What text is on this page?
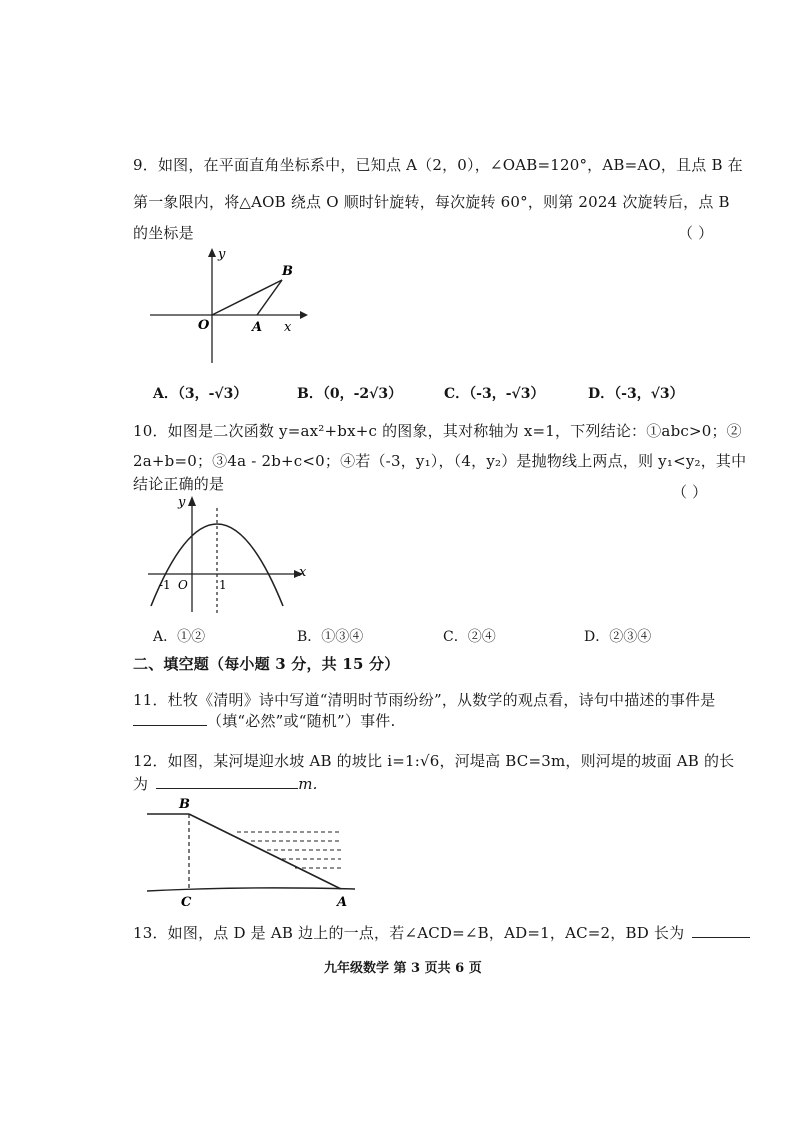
9．如图，在平面直角坐标系中，已知点 A（2，0），∠OAB=120°，AB=AO，且点 B 在
第一象限内，将△AOB 绕点 O 顺时针旋转，每次旋转 60°，则第 2024 次旋转后，点 B
的坐标是	（ ）
y
x
O	A
B
A．（3，-√3）	B．（0，-2√3）	C．（-3，-√3）	D．（-3，√3）
10．如图是二次函数 y=ax²+bx+c 的图象，其对称轴为 x=1，下列结论：①abc>0；②
2a+b=0；③4a - 2b+c<0；④若（-3，y₁），（4，y₂）是抛物线上两点，则 y₁<y₂，其中
结论正确的是	（ ）
y
x
-1 O	1
A．①②	B．①③④	C．②④	D．②③④
二、填空题（每小题 3 分，共 15 分）
11．杜牧《清明》诗中写道“清明时节雨纷纷”，从数学的观点看，诗句中描述的事件是
（填“必然”或“随机”）事件.
12．如图，某河堤迎水坡 AB 的坡比 i=1:√6，河堤高 BC=3m，则河堤的坡面 AB 的长
为	m.
B
C	A
13．如图，点 D 是 AB 边上的一点，若∠ACD=∠B，AD=1，AC=2，BD 长为
九年级数学 第 3 页共 6 页
